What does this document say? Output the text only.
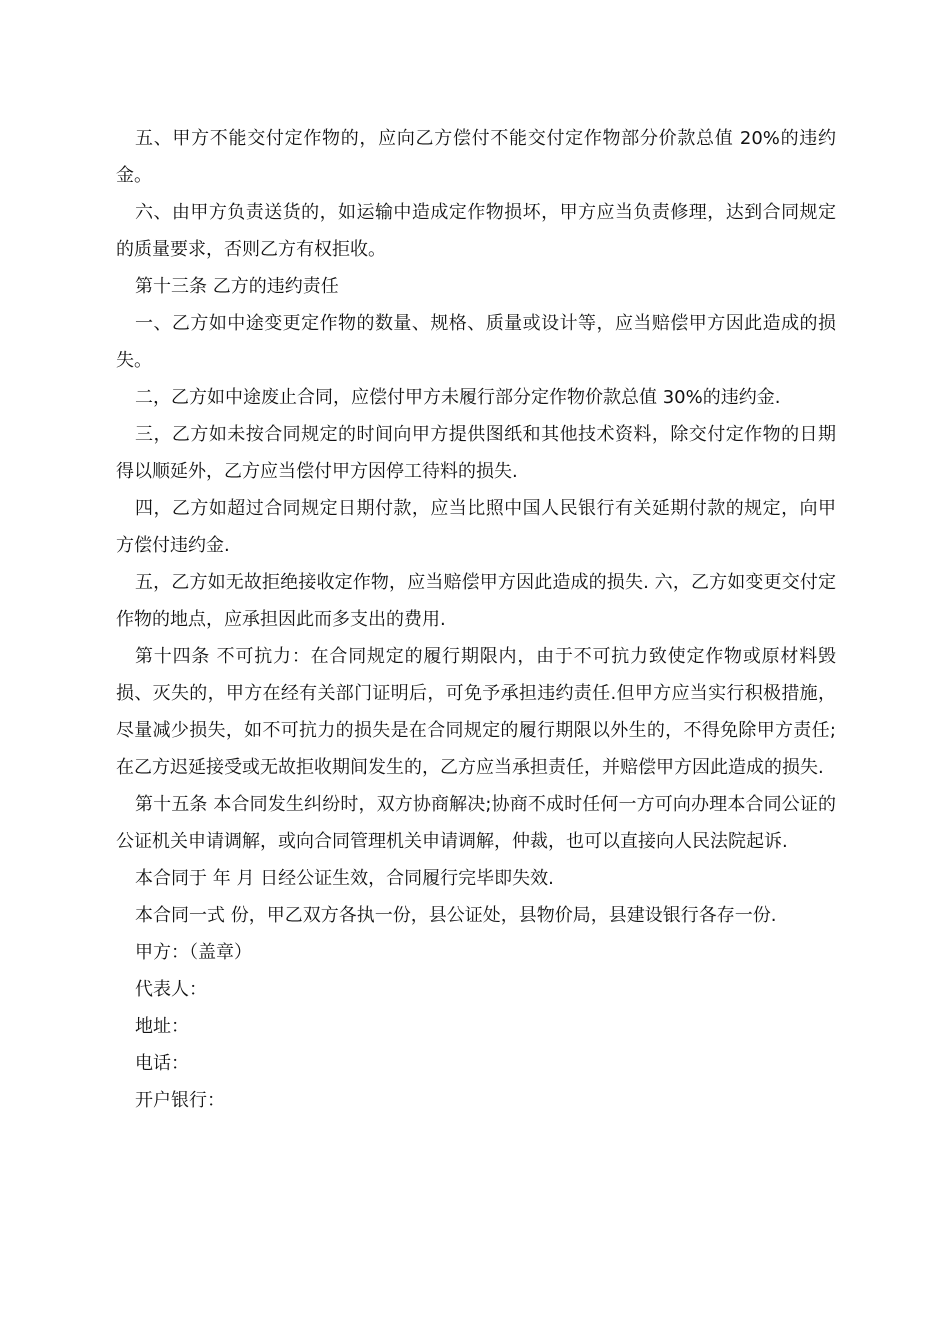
五、甲方不能交付定作物的，应向乙方偿付不能交付定作物部分价款总值 20%的违约金。

六、由甲方负责送货的，如运输中造成定作物损坏，甲方应当负责修理，达到合同规定的质量要求，否则乙方有权拒收。

第十三条 乙方的违约责任

一、乙方如中途变更定作物的数量、规格、质量或设计等，应当赔偿甲方因此造成的损失。

二，乙方如中途废止合同，应偿付甲方未履行部分定作物价款总值 30%的违约金.

三，乙方如未按合同规定的时间向甲方提供图纸和其他技术资料，除交付定作物的日期得以顺延外，乙方应当偿付甲方因停工待料的损失.

四，乙方如超过合同规定日期付款，应当比照中国人民银行有关延期付款的规定，向甲方偿付违约金.

五，乙方如无故拒绝接收定作物，应当赔偿甲方因此造成的损失. 六，乙方如变更交付定作物的地点，应承担因此而多支出的费用.

第十四条 不可抗力：在合同规定的履行期限内，由于不可抗力致使定作物或原材料毁损、灭失的，甲方在经有关部门证明后，可免予承担违约责任.但甲方应当实行积极措施，尽量减少损失，如不可抗力的损失是在合同规定的履行期限以外生的，不得免除甲方责任;在乙方迟延接受或无故拒收期间发生的，乙方应当承担责任，并赔偿甲方因此造成的损失.

第十五条 本合同发生纠纷时，双方协商解决;协商不成时任何一方可向办理本合同公证的公证机关申请调解，或向合同管理机关申请调解，仲裁，也可以直接向人民法院起诉.

本合同于 年 月 日经公证生效，合同履行完毕即失效.

本合同一式 份，甲乙双方各执一份，县公证处，县物价局，县建设银行各存一份.

甲方：（盖章）

代表人：

地址：

电话：

开户银行：
